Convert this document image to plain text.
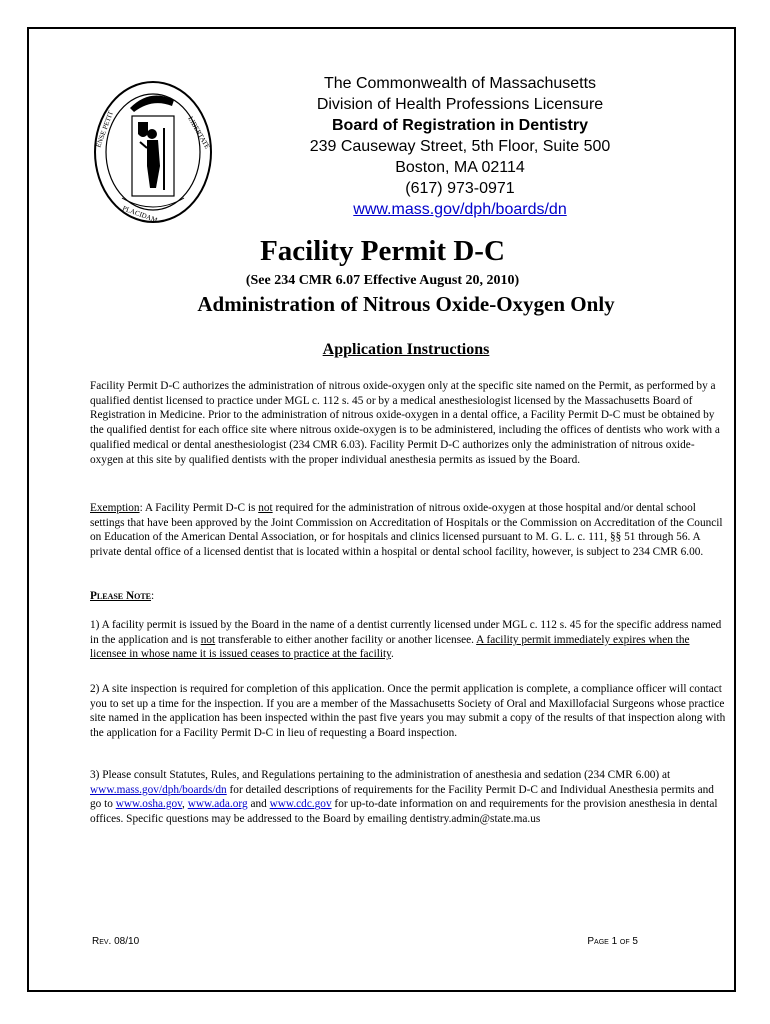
ENSE PETIT	LIBERTATE
PLACIDAM
The Commonwealth of Massachusetts
Division of Health Professions Licensure
Board of Registration in Dentistry
239 Causeway Street, 5th Floor, Suite 500
Boston, MA 02114
(617) 973-0971
www.mass.gov/dph/boards/dn
Facility Permit D-C
(See 234 CMR 6.07 Effective August 20, 2010)
Administration of Nitrous Oxide-Oxygen Only
Application Instructions

Facility Permit D-C authorizes the administration of nitrous oxide-oxygen only at the specific site named on the Permit, as performed by a qualified dentist licensed to practice under MGL c. 112 s. 45 or by a medical anesthesiologist licensed by the Massachusetts Board of Registration in Medicine. Prior to the administration of nitrous oxide-oxygen in a dental office, a Facility Permit D-C must be obtained by the qualified dentist for each office site where nitrous oxide-oxygen is to be administered, including the offices of dentists who work with a qualified medical or dental anesthesiologist (234 CMR 6.03). Facility Permit D-C authorizes only the administration of nitrous oxide-oxygen at this site by qualified dentists with the proper individual anesthesia permits as issued by the Board.

Exemption: A Facility Permit D-C is not required for the administration of nitrous oxide-oxygen at those hospital and/or dental school settings that have been approved by the Joint Commission on Accreditation of Hospitals or the Commission on Accreditation of the Council on Education of the American Dental Association, or for hospitals and clinics licensed pursuant to M. G. L. c. 111, §§ 51 through 56. A private dental office of a licensed dentist that is located within a hospital or dental school facility, however, is subject to 234 CMR 6.00.

Please Note:

1) A facility permit is issued by the Board in the name of a dentist currently licensed under MGL c. 112 s. 45 for the specific address named in the application and is not transferable to either another facility or another licensee. A facility permit immediately expires when the licensee in whose name it is issued ceases to practice at the facility.

2) A site inspection is required for completion of this application. Once the permit application is complete, a compliance officer will contact you to set up a time for the inspection. If you are a member of the Massachusetts Society of Oral and Maxillofacial Surgeons whose practice site named in the application has been inspected within the past five years you may submit a copy of the results of that inspection along with the application for a Facility Permit D-C in lieu of requesting a Board inspection.

3) Please consult Statutes, Rules, and Regulations pertaining to the administration of anesthesia and sedation (234 CMR 6.00) at www.mass.gov/dph/boards/dn for detailed descriptions of requirements for the Facility Permit D-C and Individual Anesthesia permits and go to www.osha.gov, www.ada.org and www.cdc.gov for up-to-date information on and requirements for the provision anesthesia in dental offices. Specific questions may be addressed to the Board by emailing dentistry.admin@state.ma.us

Rev. 08/10	Page 1 of 5
